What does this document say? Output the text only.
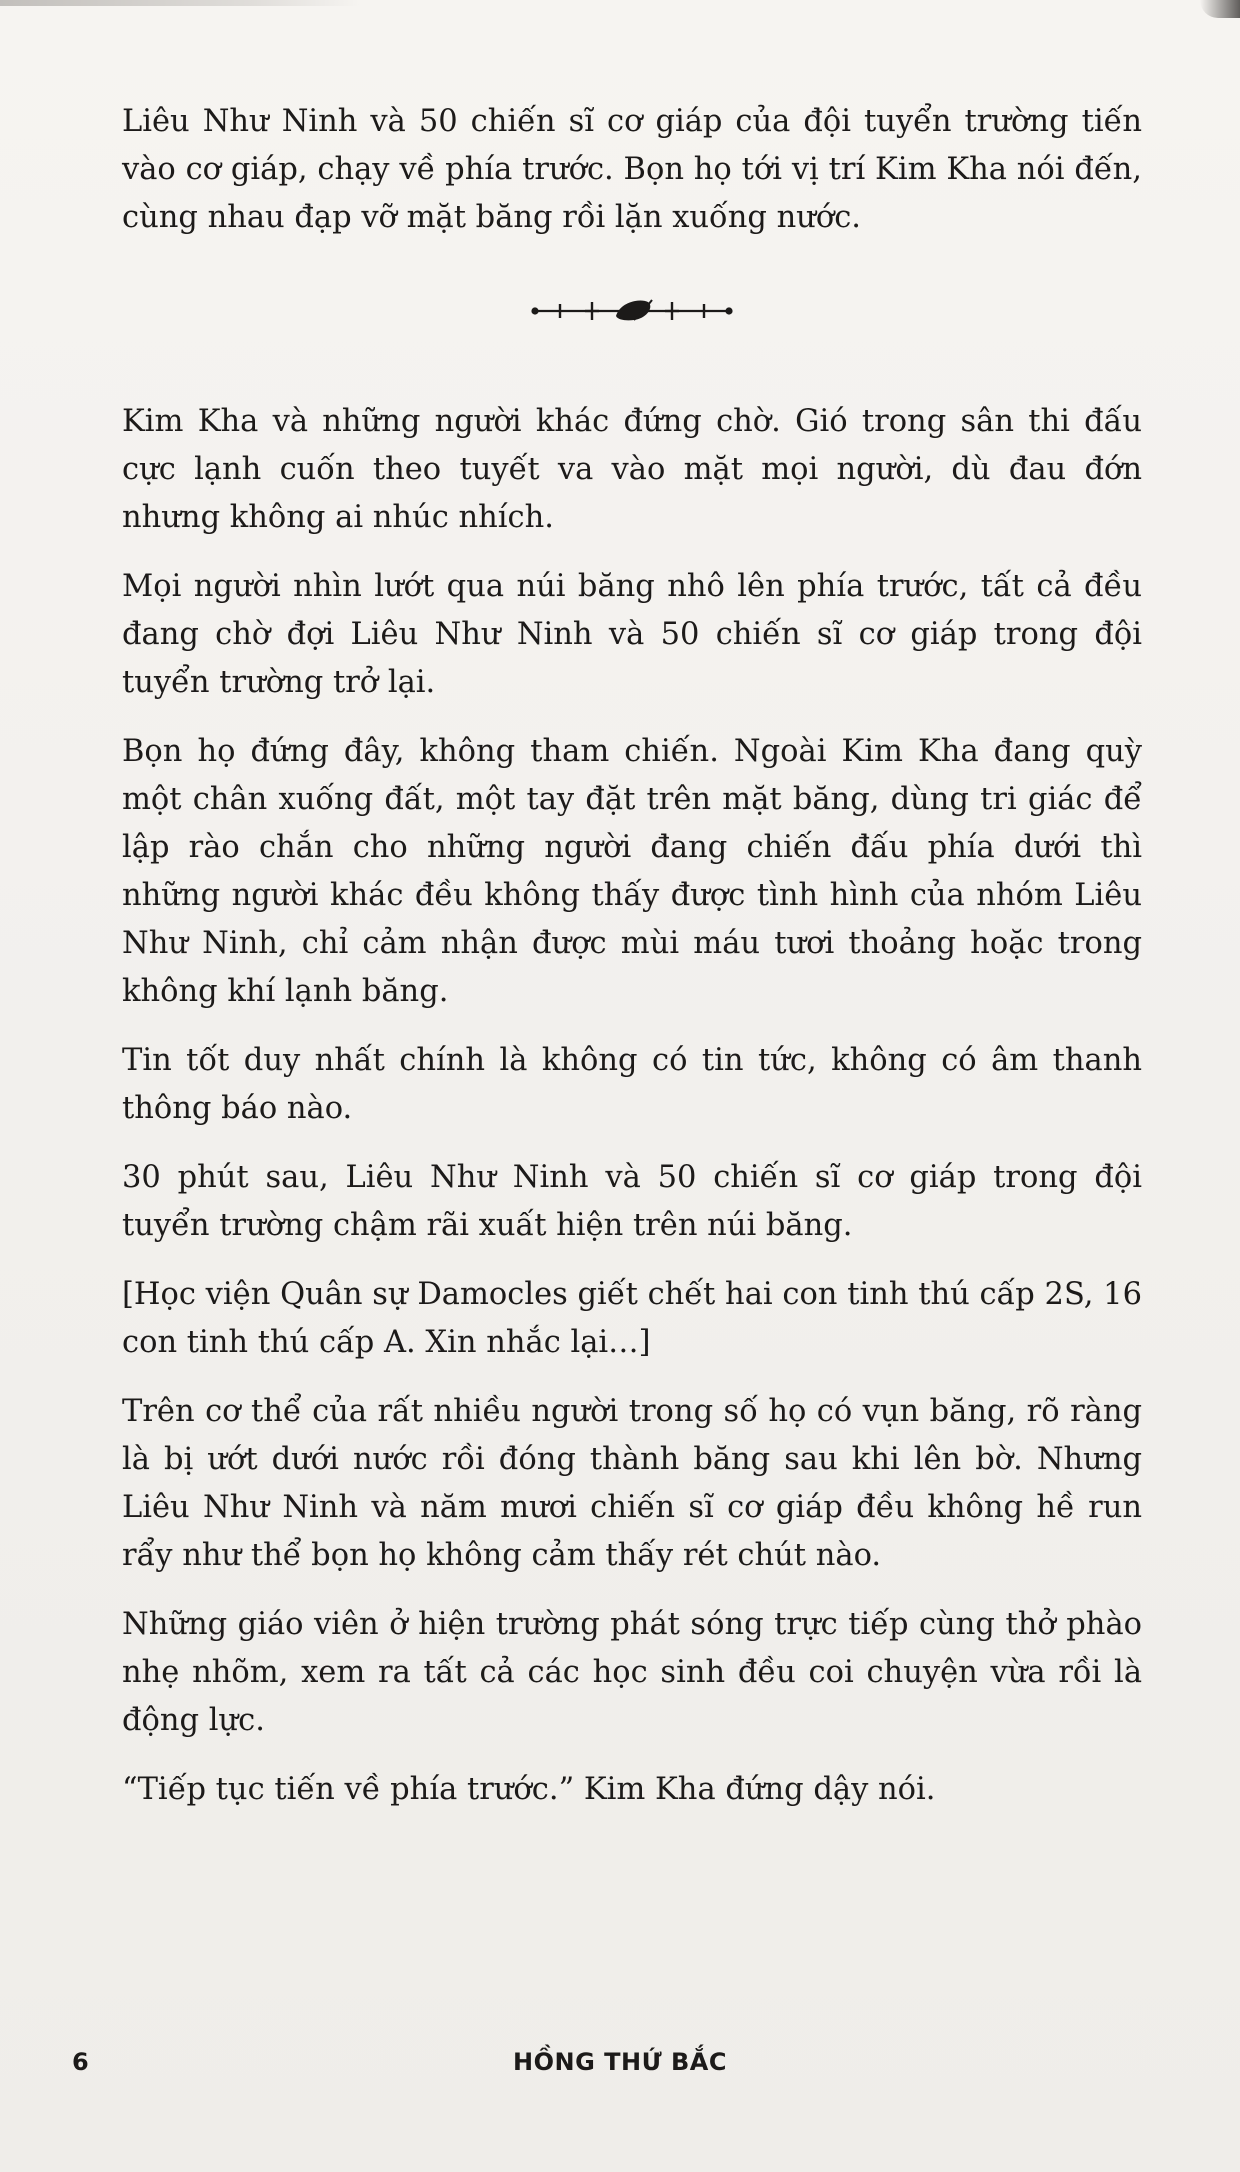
Liêu Như Ninh và 50 chiến sĩ cơ giáp của đội tuyển trường tiến vào cơ giáp, chạy về phía trước. Bọn họ tới vị trí Kim Kha nói đến, cùng nhau đạp vỡ mặt băng rồi lặn xuống nước.

Kim Kha và những người khác đứng chờ. Gió trong sân thi đấu cực lạnh cuốn theo tuyết va vào mặt mọi người, dù đau đớn nhưng không ai nhúc nhích.

Mọi người nhìn lướt qua núi băng nhô lên phía trước, tất cả đều đang chờ đợi Liêu Như Ninh và 50 chiến sĩ cơ giáp trong đội tuyển trường trở lại.

Bọn họ đứng đây, không tham chiến. Ngoài Kim Kha đang quỳ một chân xuống đất, một tay đặt trên mặt băng, dùng tri giác để lập rào chắn cho những người đang chiến đấu phía dưới thì những người khác đều không thấy được tình hình của nhóm Liêu Như Ninh, chỉ cảm nhận được mùi máu tươi thoảng hoặc trong không khí lạnh băng.

Tin tốt duy nhất chính là không có tin tức, không có âm thanh thông báo nào.

30 phút sau, Liêu Như Ninh và 50 chiến sĩ cơ giáp trong đội tuyển trường chậm rãi xuất hiện trên núi băng.

[Học viện Quân sự Damocles giết chết hai con tinh thú cấp 2S, 16 con tinh thú cấp A. Xin nhắc lại…]

Trên cơ thể của rất nhiều người trong số họ có vụn băng, rõ ràng là bị ướt dưới nước rồi đóng thành băng sau khi lên bờ. Nhưng Liêu Như Ninh và năm mươi chiến sĩ cơ giáp đều không hề run rẩy như thể bọn họ không cảm thấy rét chút nào.

Những giáo viên ở hiện trường phát sóng trực tiếp cùng thở phào nhẹ nhõm, xem ra tất cả các học sinh đều coi chuyện vừa rồi là động lực.

“Tiếp tục tiến về phía trước.” Kim Kha đứng dậy nói.

6	HỒNG THỨ BẮC
